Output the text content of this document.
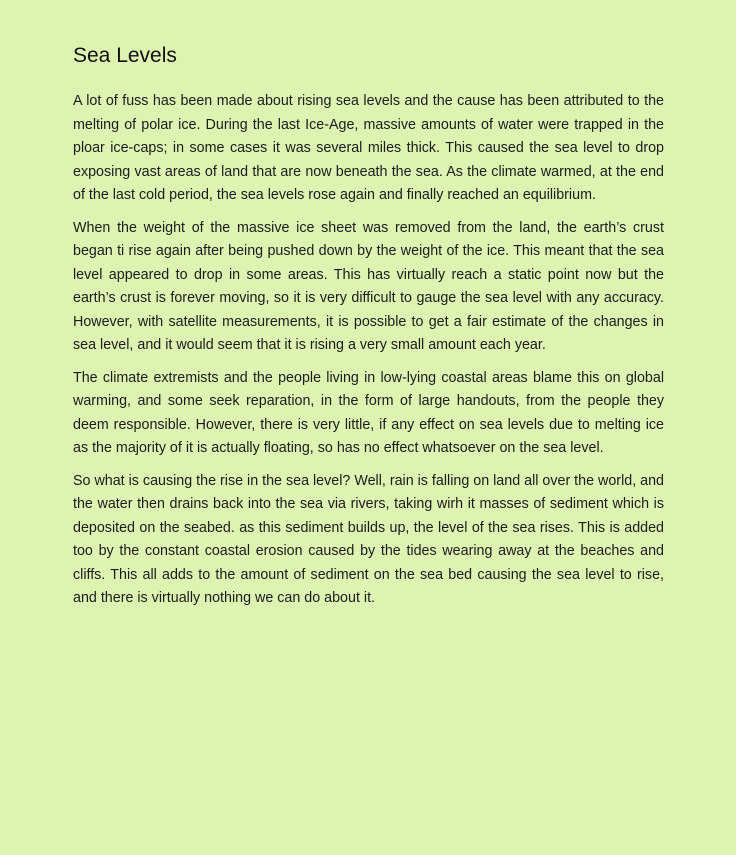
Sea Levels

A lot of fuss has been made about rising sea levels and the cause has been attributed to the melting of polar ice. During the last Ice-Age, massive amounts of water were trapped in the ploar ice-caps; in some cases it was several miles thick. This caused the sea level to drop exposing vast areas of land that are now beneath the sea. As the climate warmed, at the end of the last cold period, the sea levels rose again and finally reached an equilibrium.

When the weight of the massive ice sheet was removed from the land, the earth’s crust began ti rise again after being pushed down by the weight of the ice. This meant that the sea level appeared to drop in some areas. This has virtually reach a static point now but the earth’s crust is forever moving, so it is very difficult to gauge the sea level with any accuracy. However, with satellite measurements, it is possible to get a fair estimate of the changes in sea level, and it would seem that it is rising a very small amount each year.

The climate extremists and the people living in low-lying coastal areas blame this on global warming, and some seek reparation, in the form of large handouts, from the people they deem responsible. However, there is very little, if any effect on sea levels due to melting ice as the majority of it is actually floating, so has no effect whatsoever on the sea level.

So what is causing the rise in the sea level? Well, rain is falling on land all over the world, and the water then drains back into the sea via rivers, taking wirh it masses of sediment which is deposited on the seabed. as this sediment builds up, the level of the sea rises. This is added too by the constant coastal erosion caused by the tides wearing away at the beaches and cliffs. This all adds to the amount of sediment on the sea bed causing the sea level to rise, and there is virtually nothing we can do about it.
